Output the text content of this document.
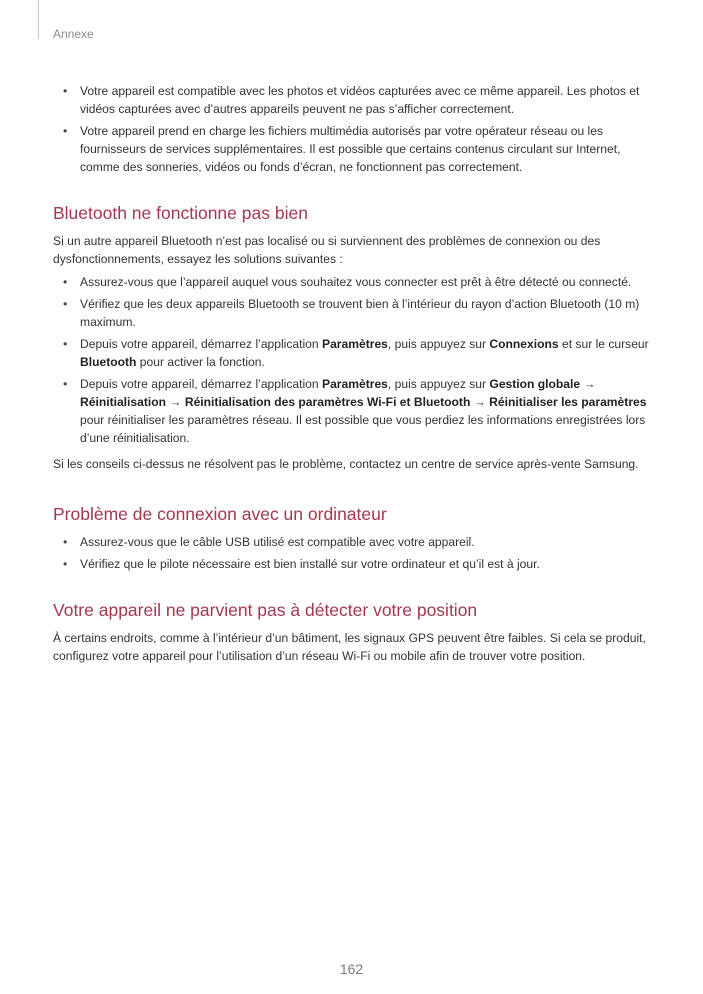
Annexe
• Votre appareil est compatible avec les photos et vidéos capturées avec ce même appareil. Les photos et vidéos capturées avec d’autres appareils peuvent ne pas s’afficher correctement.
• Votre appareil prend en charge les fichiers multimédia autorisés par votre opérateur réseau ou les fournisseurs de services supplémentaires. Il est possible que certains contenus circulant sur Internet, comme des sonneries, vidéos ou fonds d’écran, ne fonctionnent pas correctement.
Bluetooth ne fonctionne pas bien

Si un autre appareil Bluetooth n’est pas localisé ou si surviennent des problèmes de connexion ou des dysfonctionnements, essayez les solutions suivantes :

• Assurez-vous que l’appareil auquel vous souhaitez vous connecter est prêt à être détecté ou connecté.
• Vérifiez que les deux appareils Bluetooth se trouvent bien à l’intérieur du rayon d’action Bluetooth (10 m) maximum.
• Depuis votre appareil, démarrez l’application Paramètres, puis appuyez sur Connexions et sur le curseur Bluetooth pour activer la fonction.
• Depuis votre appareil, démarrez l’application Paramètres, puis appuyez sur Gestion globale → Réinitialisation → Réinitialisation des paramètres Wi-Fi et Bluetooth → Réinitialiser les paramètres pour réinitialiser les paramètres réseau. Il est possible que vous perdiez les informations enregistrées lors d’une réinitialisation.

Si les conseils ci-dessus ne résolvent pas le problème, contactez un centre de service après-vente Samsung.

Problème de connexion avec un ordinateur
• Assurez-vous que le câble USB utilisé est compatible avec votre appareil.
• Vérifiez que le pilote nécessaire est bien installé sur votre ordinateur et qu’il est à jour.
Votre appareil ne parvient pas à détecter votre position

À certains endroits, comme à l’intérieur d’un bâtiment, les signaux GPS peuvent être faibles. Si cela se produit, configurez votre appareil pour l’utilisation d’un réseau Wi-Fi ou mobile afin de trouver votre position.

162
